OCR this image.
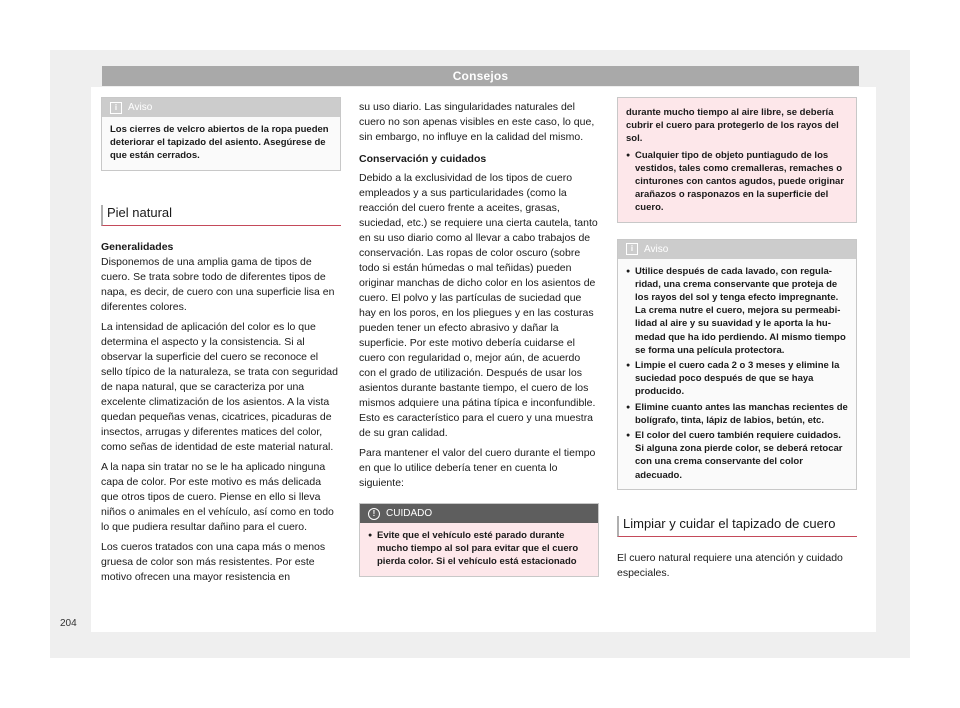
Consejos
i	Aviso
Los cierres de velcro abiertos de la ropa pueden deteriorar el tapizado del asiento. Asegúrese de que están cerrados.
Piel natural
Generalidades

Disponemos de una amplia gama de tipos de cuero. Se trata sobre todo de diferentes tipos de napa, es decir, de cuero con una superficie lisa en diferentes colores.

La intensidad de aplicación del color es lo que determina el aspecto y la consistencia. Si al observar la superficie del cuero se reconoce el sello típico de la naturaleza, se trata con seguridad de napa natural, que se caracteriza por una excelente climatización de los asientos. A la vista quedan pequeñas venas, cicatrices, picaduras de insectos, arrugas y diferentes matices del color, como señas de identidad de este material natural.

A la napa sin tratar no se le ha aplicado ninguna capa de color. Por este motivo es más delicada que otros tipos de cuero. Piense en ello si lleva niños o animales en el vehículo, así como en todo lo que pudiera resultar dañino para el cuero.

Los cueros tratados con una capa más o menos gruesa de color son más resistentes. Por este motivo ofrecen una mayor resistencia en

su uso diario. Las singularidades naturales del cuero no son apenas visibles en este caso, lo que, sin embargo, no influye en la calidad del mismo.

Conservación y cuidados

Debido a la exclusividad de los tipos de cuero empleados y a sus particularidades (como la reacción del cuero frente a aceites, grasas, suciedad, etc.) se requiere una cierta cautela, tanto en su uso diario como al llevar a cabo trabajos de conservación. Las ropas de color oscuro (sobre todo si están húmedas o mal teñidas) pueden originar manchas de dicho color en los asientos de cuero. El polvo y las partículas de suciedad que hay en los poros, en los pliegues y en las costuras pueden tener un efecto abrasivo y dañar la superficie. Por este motivo debería cuidarse el cuero con regularidad o, mejor aún, de acuerdo con el grado de utilización. Después de usar los asientos durante bastante tiempo, el cuero de los mismos adquiere una pátina típica e inconfundible. Esto es característico para el cuero y una muestra de su gran calidad.

Para mantener el valor del cuero durante el tiempo en que lo utilice debería tener en cuenta lo siguiente:

!	CUIDADO
● Evite que el vehículo esté parado durante mucho tiempo al sol para evitar que el cuero pierda color. Si el vehículo está estacionado
durante mucho tiempo al aire libre, se debería cubrir el cuero para protegerlo de los rayos del sol.
● Cualquier tipo de objeto puntiagudo de los vestidos, tales como cremalleras, remaches o cinturones con cantos agudos, puede originar arañazos o rasponazos en la superficie del cuero.
i	Aviso
● Utilice después de cada lavado, con regularidad, una crema conservante que proteja de los rayos del sol y tenga efecto impregnante. La crema nutre el cuero, mejora su permeabilidad al aire y su suavidad y le aporta la humedad que ha ido perdiendo. Al mismo tiempo se forma una película protectora.
● Limpie el cuero cada 2 o 3 meses y elimine la suciedad poco después de que se haya producido.
● Elimine cuanto antes las manchas recientes de bolígrafo, tinta, lápiz de labios, betún, etc.
● El color del cuero también requiere cuidados. Si alguna zona pierde color, se deberá retocar con una crema conservante del color adecuado.
Limpiar y cuidar el tapizado de cuero

El cuero natural requiere una atención y cuidado especiales.

204
